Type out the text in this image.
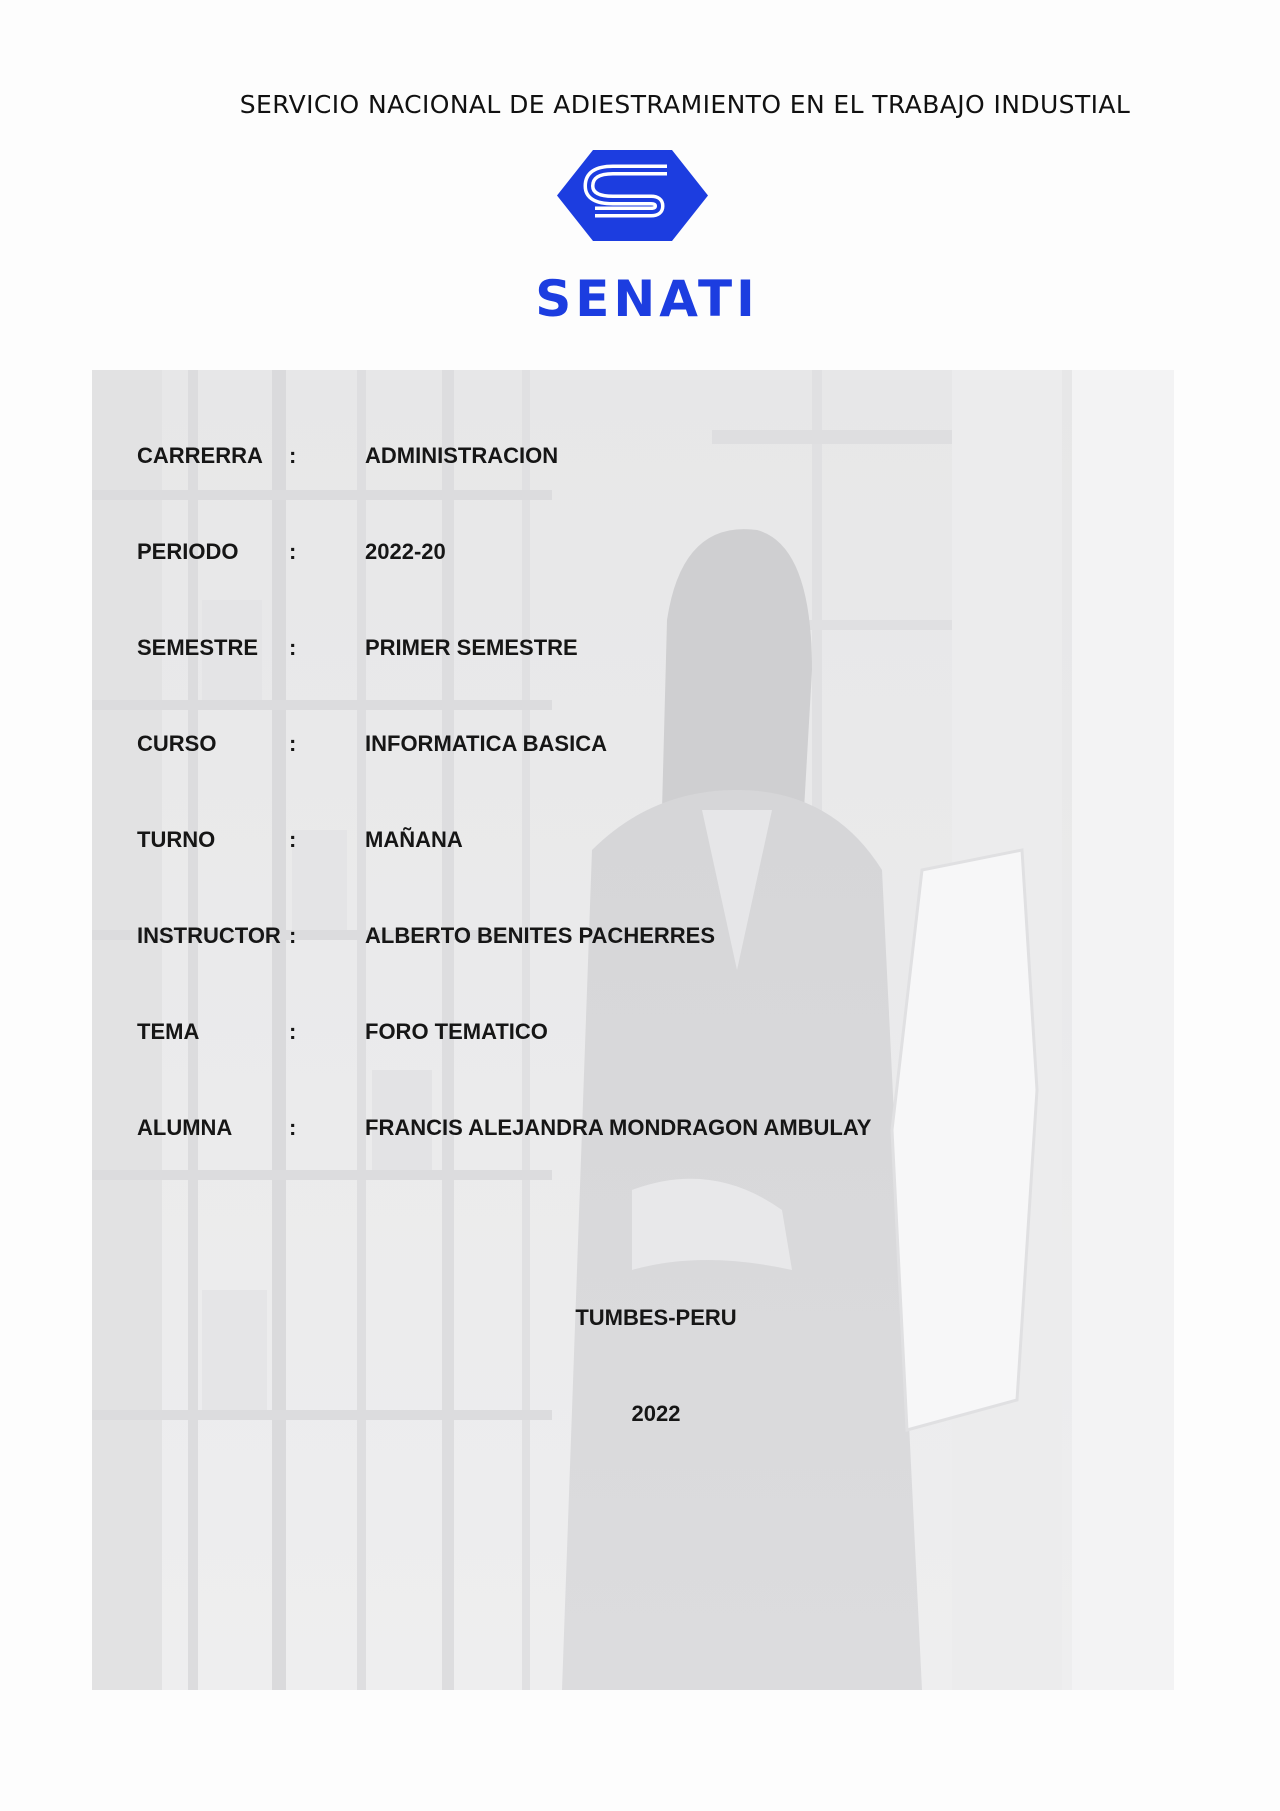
SERVICIO NACIONAL DE ADIESTRAMIENTO EN EL TRABAJO INDUSTIAL
SENATI
CARRERRA :	ADMINISTRACION
PERIODO :	2022-20
SEMESTRE :	PRIMER SEMESTRE
CURSO	:	INFORMATICA BASICA
TURNO	:	MAÑANA
INSTRUCTOR :	ALBERTO BENITES PACHERRES
TEMA	:	FORO TEMATICO
ALUMNA	:	FRANCIS ALEJANDRA MONDRAGON AMBULAY
TUMBES-PERU
2022
